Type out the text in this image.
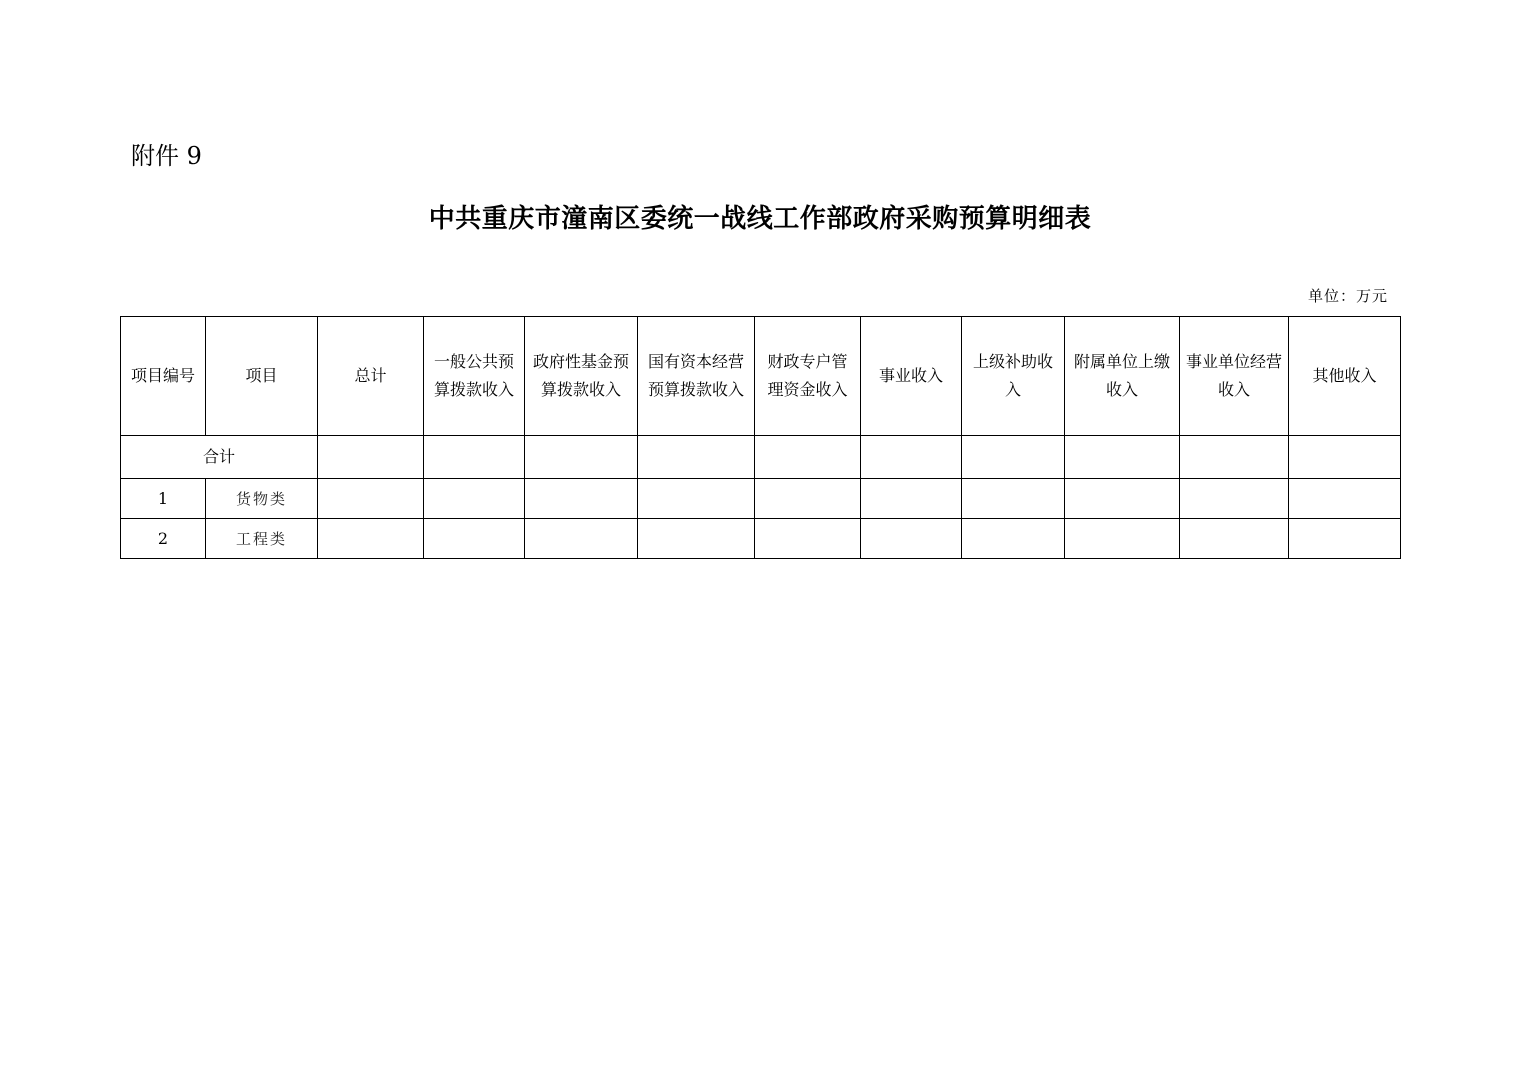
附件 9
中共重庆市潼南区委统一战线工作部政府采购预算明细表
单位：万元
项目编号	项目	总计	一般公共预算拨款收入	政府性基金预算拨款收入	国有资本经营预算拨款收入	财政专户管理资金收入	事业收入	上级补助收入	附属单位上缴收入	事业单位经营收入	其他收入
合计											
1	货物类										
2	工程类										
